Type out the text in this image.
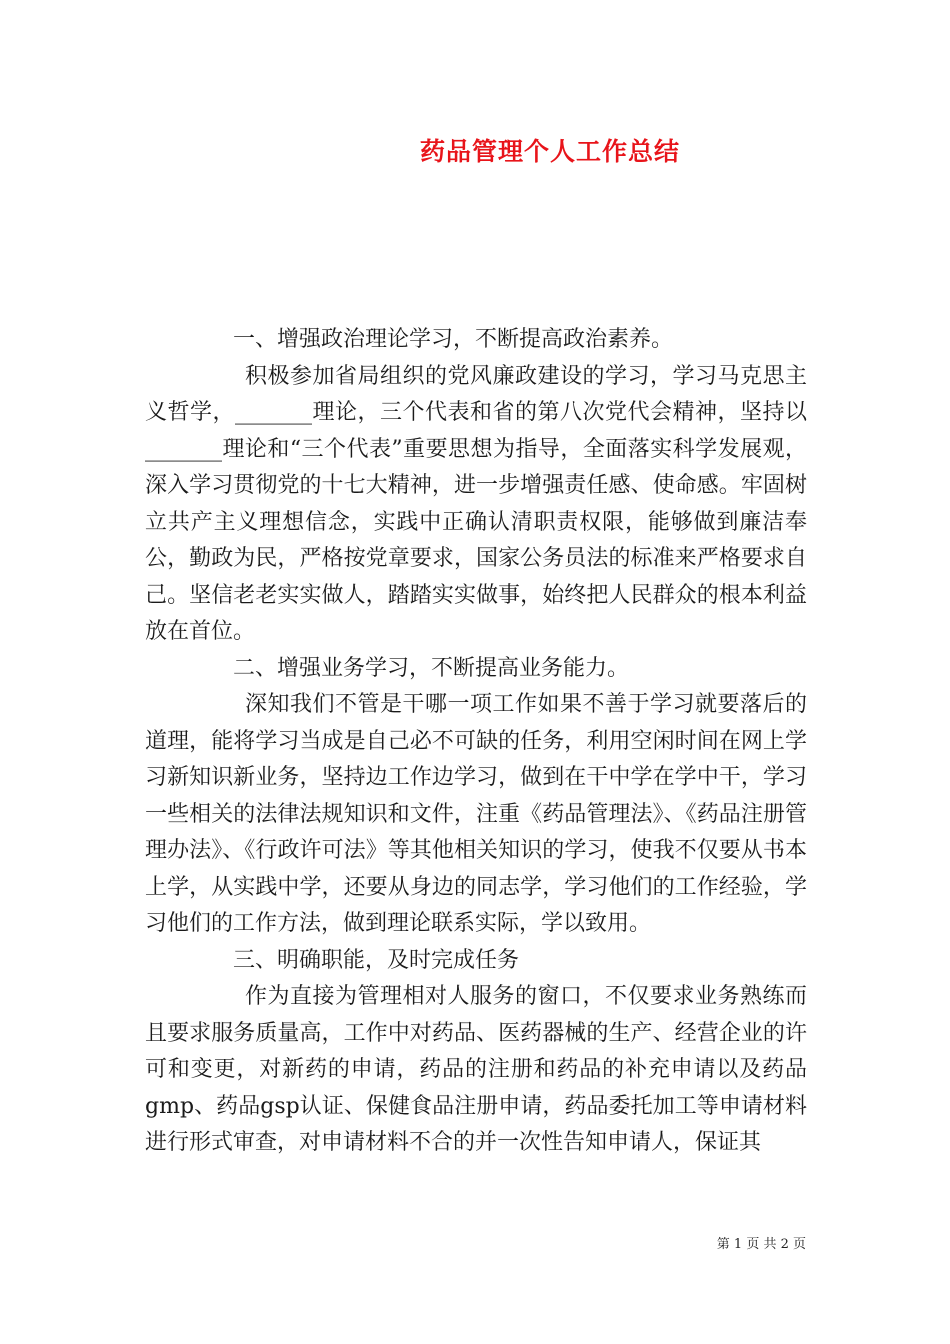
药品管理个人工作总结

一、增强政治理论学习，不断提高政治素养。

积极参加省局组织的党风廉政建设的学习，学习马克思主义哲学，_______理论，三个代表和省的第八次党代会精神，坚持以_______理论和“三个代表”重要思想为指导，全面落实科学发展观，深入学习贯彻党的十七大精神，进一步增强责任感、使命感。牢固树立共产主义理想信念，实践中正确认清职责权限，能够做到廉洁奉公，勤政为民，严格按党章要求，国家公务员法的标准来严格要求自己。坚信老老实实做人，踏踏实实做事，始终把人民群众的根本利益放在首位。

二、增强业务学习，不断提高业务能力。

深知我们不管是干哪一项工作如果不善于学习就要落后的道理，能将学习当成是自己必不可缺的任务，利用空闲时间在网上学习新知识新业务，坚持边工作边学习，做到在干中学在学中干，学习一些相关的法律法规知识和文件，注重《药品管理法》、《药品注册管理办法》、《行政许可法》等其他相关知识的学习，使我不仅要从书本上学，从实践中学，还要从身边的同志学，学习他们的工作经验，学习他们的工作方法，做到理论联系实际，学以致用。

三、明确职能，及时完成任务

作为直接为管理相对人服务的窗口，不仅要求业务熟练而且要求服务质量高，工作中对药品、医药器械的生产、经营企业的许可和变更，对新药的申请，药品的注册和药品的补充申请以及药品gmp、药品gsp认证、保健食品注册申请，药品委托加工等申请材料进行形式审查，对申请材料不合的并一次性告知申请人，保证其

第 1 页 共 2 页
